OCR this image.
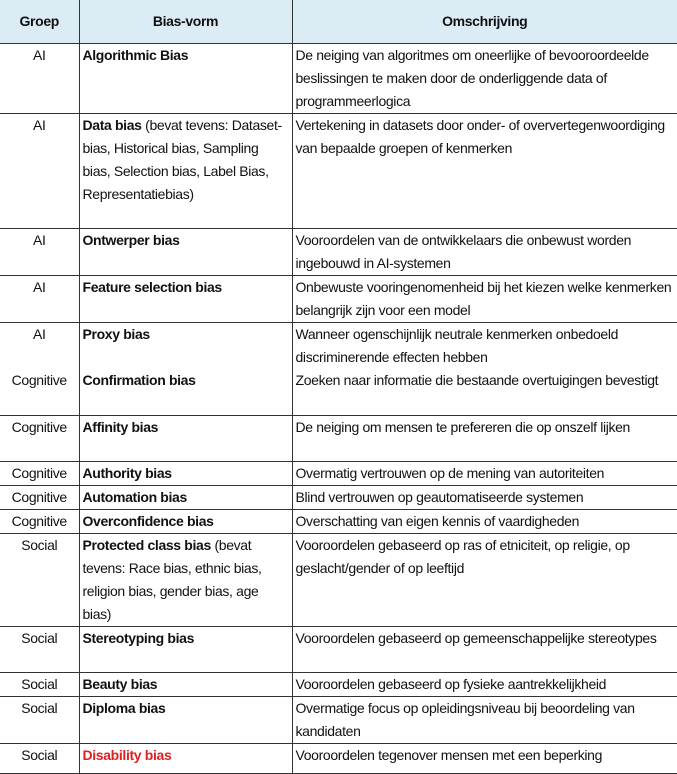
Groep	Bias-vorm	Omschrijving
AI	Algorithmic Bias	De neiging van algoritmes om oneerlijke of bevooroordeelde beslissingen te maken door de onderliggende data of programmeerlogica
AI	Data bias (bevat tevens: Dataset-bias, Historical bias, Sampling bias, Selection bias, Label Bias, Representatiebias)	Vertekening in datasets door onder- of oververtegenwoordiging van bepaalde groepen of kenmerken
AI	Ontwerper bias	Vooroordelen van de ontwikkelaars die onbewust worden ingebouwd in AI-systemen
AI	Feature selection bias	Onbewuste vooringenomenheid bij het kiezen welke kenmerken belangrijk zijn voor een model
AI	Proxy bias	Wanneer ogenschijnlijk neutrale kenmerken onbedoeld discriminerende effecten hebben
Cognitive	Confirmation bias	Zoeken naar informatie die bestaande overtuigingen bevestigt
Cognitive	Affinity bias	De neiging om mensen te prefereren die op onszelf lijken
Cognitive	Authority bias	Overmatig vertrouwen op de mening van autoriteiten
Cognitive	Automation bias	Blind vertrouwen op geautomatiseerde systemen
Cognitive	Overconfidence bias	Overschatting van eigen kennis of vaardigheden
Social	Protected class bias (bevat tevens: Race bias, ethnic bias, religion bias, gender bias, age bias)	Vooroordelen gebaseerd op ras of etniciteit, op religie, op geslacht/gender of op leeftijd
Social	Stereotyping bias	Vooroordelen gebaseerd op gemeenschappelijke stereotypes
Social	Beauty bias	Vooroordelen gebaseerd op fysieke aantrekkelijkheid
Social	Diploma bias	Overmatige focus op opleidingsniveau bij beoordeling van kandidaten
Social	Disability bias	Vooroordelen tegenover mensen met een beperking
